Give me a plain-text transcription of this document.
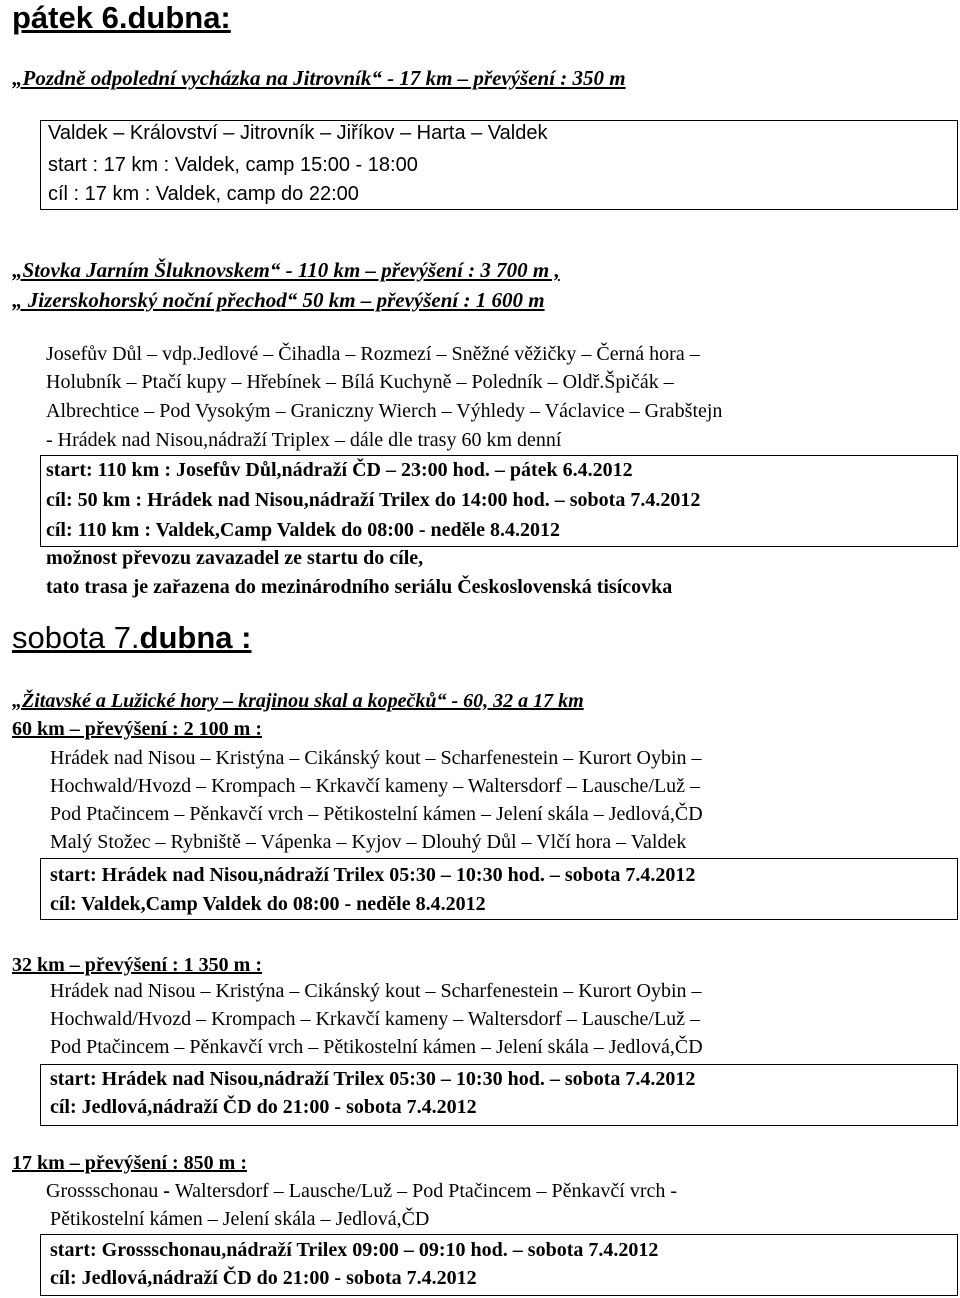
pátek 6.dubna:
„Pozdně odpolední vycházka na Jitrovník“ - 17 km – převýšení : 350 m
Valdek – Království – Jitrovník – Jiříkov – Harta – Valdek
start : 17 km : Valdek, camp 15:00 - 18:00
cíl : 17 km : Valdek, camp do 22:00
„Stovka Jarním Šluknovskem“ - 110 km – převýšení : 3 700 m ,
„ Jizerskohorský noční přechod“ 50 km – převýšení : 1 600 m
Josefův Důl – vdp.Jedlové – Čihadla – Rozmezí – Sněžné věžičky – Černá hora –
Holubník – Ptačí kupy – Hřebínek – Bílá Kuchyně – Poledník – Oldř.Špičák –
Albrechtice – Pod Vysokým – Graniczny Wierch – Výhledy – Václavice – Grabštejn
- Hrádek nad Nisou,nádraží Triplex – dále dle trasy 60 km denní
start: 110 km : Josefův Důl,nádraží ČD – 23:00 hod. – pátek 6.4.2012
cíl: 50 km : Hrádek nad Nisou,nádraží Trilex do 14:00 hod. – sobota 7.4.2012
cíl: 110 km : Valdek,Camp Valdek do 08:00 - neděle 8.4.2012
možnost převozu zavazadel ze startu do cíle,
tato trasa je zařazena do mezinárodního seriálu Československá tisícovka
sobota 7.dubna :
„Žitavské a Lužické hory – krajinou skal a kopečků“ - 60, 32 a 17 km
60 km – převýšení : 2 100 m :
Hrádek nad Nisou – Kristýna – Cikánský kout – Scharfenestein – Kurort Oybin –
Hochwald/Hvozd – Krompach – Krkavčí kameny – Waltersdorf – Lausche/Luž –
Pod Ptačincem – Pěnkavčí vrch – Pětikostelní kámen – Jelení skála – Jedlová,ČD
Malý Stožec – Rybniště – Vápenka – Kyjov – Dlouhý Důl – Vlčí hora – Valdek
start: Hrádek nad Nisou,nádraží Trilex 05:30 – 10:30 hod. – sobota 7.4.2012
cíl: Valdek,Camp Valdek do 08:00 - neděle 8.4.2012
32 km – převýšení : 1 350 m :
Hrádek nad Nisou – Kristýna – Cikánský kout – Scharfenestein – Kurort Oybin –
Hochwald/Hvozd – Krompach – Krkavčí kameny – Waltersdorf – Lausche/Luž –
Pod Ptačincem – Pěnkavčí vrch – Pětikostelní kámen – Jelení skála – Jedlová,ČD
start: Hrádek nad Nisou,nádraží Trilex 05:30 – 10:30 hod. – sobota 7.4.2012
cíl: Jedlová,nádraží ČD do 21:00 - sobota 7.4.2012
17 km – převýšení : 850 m :
Grossschonau - Waltersdorf – Lausche/Luž – Pod Ptačincem – Pěnkavčí vrch -
Pětikostelní kámen – Jelení skála – Jedlová,ČD
start: Grossschonau,nádraží Trilex 09:00 – 09:10 hod. – sobota 7.4.2012
cíl: Jedlová,nádraží ČD do 21:00 - sobota 7.4.2012
